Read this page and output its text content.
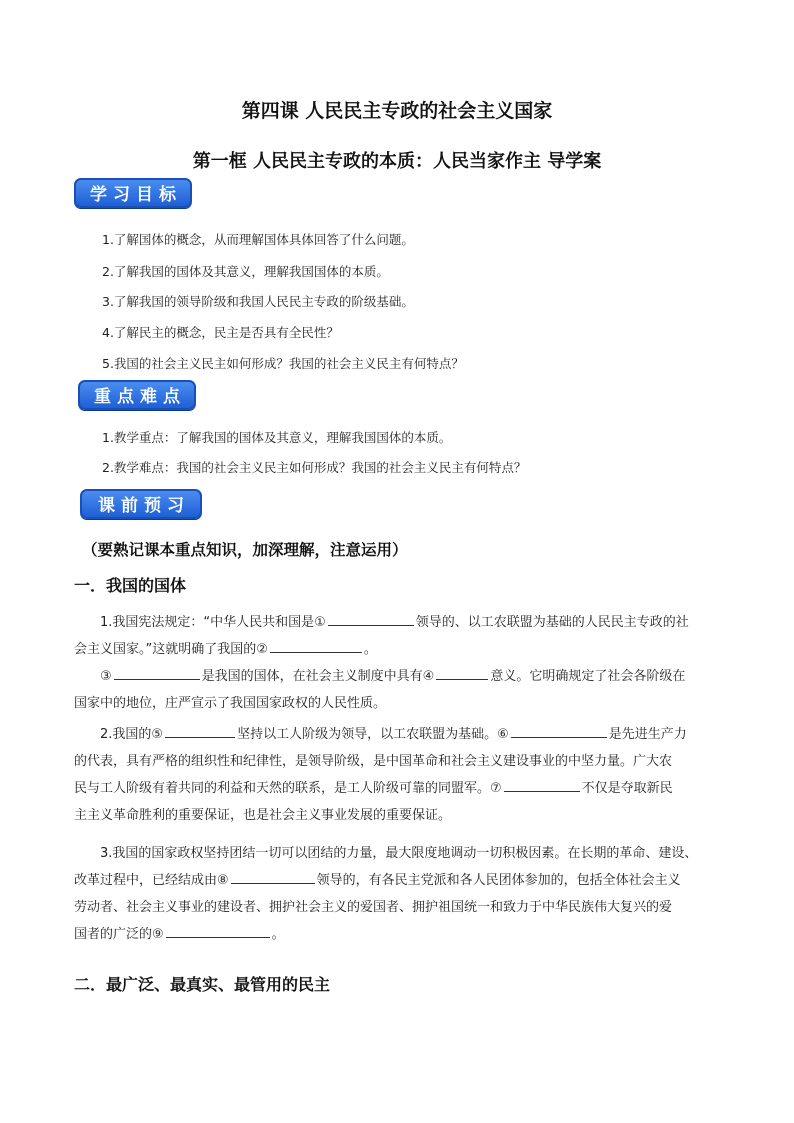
第四课 人民民主专政的社会主义国家
第一框 人民民主专政的本质：人民当家作主 导学案
学习目标
1.了解国体的概念，从而理解国体具体回答了什么问题。
2.了解我国的国体及其意义，理解我国国体的本质。
3.了解我国的领导阶级和我国人民民主专政的阶级基础。
4.了解民主的概念，民主是否具有全民性？
5.我国的社会主义民主如何形成？我国的社会主义民主有何特点？
重点难点
1.教学重点：了解我国的国体及其意义，理解我国国体的本质。
2.教学难点：我国的社会主义民主如何形成？我国的社会主义民主有何特点？
课前预习
（要熟记课本重点知识，加深理解，注意运用）
一．我国的国体
1.我国宪法规定：“中华人民共和国是①	领导的、以工农联盟为基础的人民民主专政的社
会主义国家。”这就明确了我国的②	。
③	是我国的国体，在社会主义制度中具有④	意义。它明确规定了社会各阶级在
国家中的地位，庄严宣示了我国国家政权的人民性质。
2.我国的⑤	坚持以工人阶级为领导，以工农联盟为基础。⑥	是先进生产力
的代表，具有严格的组织性和纪律性，是领导阶级，是中国革命和社会主义建设事业的中坚力量。广大农
民与工人阶级有着共同的利益和天然的联系，是工人阶级可靠的同盟军。⑦	不仅是夺取新民
主主义革命胜利的重要保证，也是社会主义事业发展的重要保证。
3.我国的国家政权坚持团结一切可以团结的力量，最大限度地调动一切积极因素。在长期的革命、建设、
改革过程中，已经结成由⑧	领导的，有各民主党派和各人民团体参加的，包括全体社会主义
劳动者、社会主义事业的建设者、拥护社会主义的爱国者、拥护祖国统一和致力于中华民族伟大复兴的爱
国者的广泛的⑨	。
二．最广泛、最真实、最管用的民主
